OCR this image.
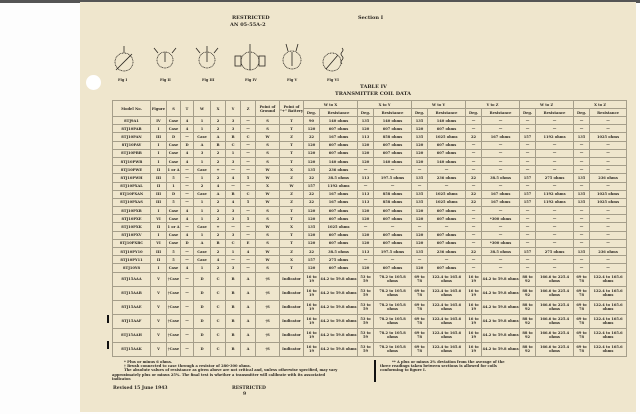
RESTRICTED
AN 05-55A-2
Section I
Fig I	Fig II	Fig III	Fig IV	Fig V	Fig VI
TABLE IV
TRANSMITTER COIL DATA
Model No.	Figure	S	T	W	X	Y	Z	Point of Ground	Point of "+" Battery	W to X		X to Y		W to Y		Y to Z		W to Z		X to Z	
										Deg.	Resistance	Deg.	Resistance	Deg.	Resistance	Deg.	Resistance	Deg.	Resistance	Deg.	Resistance
8TJ9A1	IV	Case	4	1	2	3	—	S	T	90	140 ohms	135	140 ohms	135	140 ohms	—	—	—	—	—	—
8TJ10PAB	I	Case	4	1	2	3	—	S	T	120	607 ohms	120	607 ohms	120	607 ohms	—	—	—	—	—	—
8TJ10PAN	III	D	—	Case	A	B	C	W	Z	22	167 ohms	113	858 ohms	135	1025 ohms	22	167 ohms	157	1192 ohms	135	1025 ohms
8TJ10PAY	I	Case	D	A	B	C	—	S	T	120	607 ohms	120	607 ohms	120	607 ohms	—	—	—	—	—	—
8TJ10PBB	I	Case	4	3	2	1	—	S	T	120	607 ohms	120	607 ohms	120	607 ohms	—	—	—	—	—	—
8TJ10PWB	I	Case	4	1	2	3	—	S	T	120	140 ohms	120	140 ohms	120	140 ohms	—	—	—	—	—	—
8TJ10PWE	II	1 or A	—	Case	+	—	—	W	X	135	236 ohms	—	—	—	—	—	—	—	—	—	—
8TJ10PWH	III	5	—	1	2	4	5	W	Z	22	38.5 ohms	113	197.5 ohms	135	236 ohms	22	38.5 ohms	157	275 ohms	135	236 ohms
8TJ10PXAL	II	1	—	2	4	—	—	X	W	157	1192 ohms	—	—	—	—	—	—	—	—	—	—
8TJ10PXAN	III	D	—	Case	A	B	C	W	Z	22	167 ohms	113	858 ohms	135	1025 ohms	22	167 ohms	157	1192 ohms	135	1025 ohms
8TJ10PXAS	III	5	—	1	2	4	5	W	Z	22	167 ohms	113	858 ohms	135	1025 ohms	22	167 ohms	157	1192 ohms	135	1025 ohms
8TJ10PXB	I	Case	4	1	2	3	—	S	T	120	607 ohms	120	607 ohms	120	607 ohms	—	—	—	—	—	—
8TJ10PXE	VI	Case	4	1	2	3	5	S	T	120	607 ohms	120	607 ohms	120	607 ohms	—	*300 ohms	—	—	—	—
8TJ10PXK	II	1 or A	—	Case	+	—	—	W	X	135	1025 ohms	—	—	—	—	—	—	—	—	—	—
8TJ10PXV	I	Case	4	1	2	3	—	S	T	120	607 ohms	120	607 ohms	120	607 ohms	—	—	—	—	—	—
8TJ10PXBC	VI	Case	D	A	B	C	E	S	T	120	607 ohms	120	607 ohms	120	607 ohms	—	*300 ohms	—	—	—	—
8TJ10PY10	III	5	—	Case	2	1	4	W	Z	22	38.5 ohms	113	197.5 ohms	135	236 ohms	22	38.5 ohms	157	275 ohms	135	236 ohms
8TJ10PY11	II	5	—	Case	4	—	—	W	X	157	275 ohms	—	—	—	—	—	—	—	—	—	—
8TJ10Y8	I	Case	4	1	2	3	—	S	T	120	607 ohms	120	607 ohms	120	607 ohms	—	—	—	—	—	—
8TJ15AAA	V	†Case	—	D	C	B	A	†S	Indicator	16 to 19	44.2 to 59.8 ohms	53 to 59	78.2 to 105.8 ohms	69 to 78	122.4 to 165.6 ohms	16 to 19	44.2 to 59.8 ohms	88 to 92	166.6 to 225.4 ohms	69 to 78	122.4 to 165.6 ohms
8TJ15AAB	V	†Case	—	D	C	B	A	†S	Indicator	16 to 19	44.2 to 59.8 ohms	53 to 59	78.2 to 105.8 ohms	69 to 78	122.4 to 165.6 ohms	16 to 19	44.2 to 59.8 ohms	88 to 92	166.6 to 225.4 ohms	69 to 78	122.4 to 165.6 ohms
8TJ15AAE	V	†Case	—	D	C	B	A	†S	Indicator	16 to 19	44.2 to 59.8 ohms	53 to 59	78.2 to 105.8 ohms	69 to 78	122.4 to 165.6 ohms	16 to 19	44.2 to 59.8 ohms	88 to 92	166.6 to 225.4 ohms	69 to 78	122.4 to 165.6 ohms
8TJ15AAF	V	†Case	—	D	C	B	A	†S	Indicator	16 to 19	44.2 to 59.8 ohms	53 to 59	78.2 to 105.8 ohms	69 to 78	122.4 to 165.6 ohms	16 to 19	44.2 to 59.8 ohms	88 to 92	166.6 to 225.4 ohms	69 to 78	122.4 to 165.6 ohms
8TJ15AAH	V	†Case	—	D	C	B	A	†S	Indicator	16 to 19	44.2 to 59.8 ohms	53 to 59	78.2 to 105.8 ohms	69 to 78	122.4 to 165.6 ohms	16 to 19	44.2 to 59.8 ohms	88 to 92	166.6 to 225.4 ohms	69 to 78	122.4 to 165.6 ohms
8TJ15AAK	V	†Case	—	D	C	B	A	†S	Indicator	16 to 19	44.2 to 59.8 ohms	53 to 59	78.2 to 105.8 ohms	69 to 78	122.4 to 165.6 ohms	16 to 19	44.2 to 59.8 ohms	88 to 92	166.6 to 225.4 ohms	69 to 78	122.4 to 165.6 ohms
* Plus or minus 6 ohms.
† Brush connected to case through a resistor of 280-300 ohms.
The absolute values of resistance as given above are not critical and, unless otherwise specified, may vary approximately plus or minus 25%. The final test is whether a transmitter will calibrate with its associated indicator.
** A plus or minus 2% deviation from the average of the three readings taken between sections is allowed for coils conforming to figure I.
Revised 15 June 1943	RESTRICTED
9
